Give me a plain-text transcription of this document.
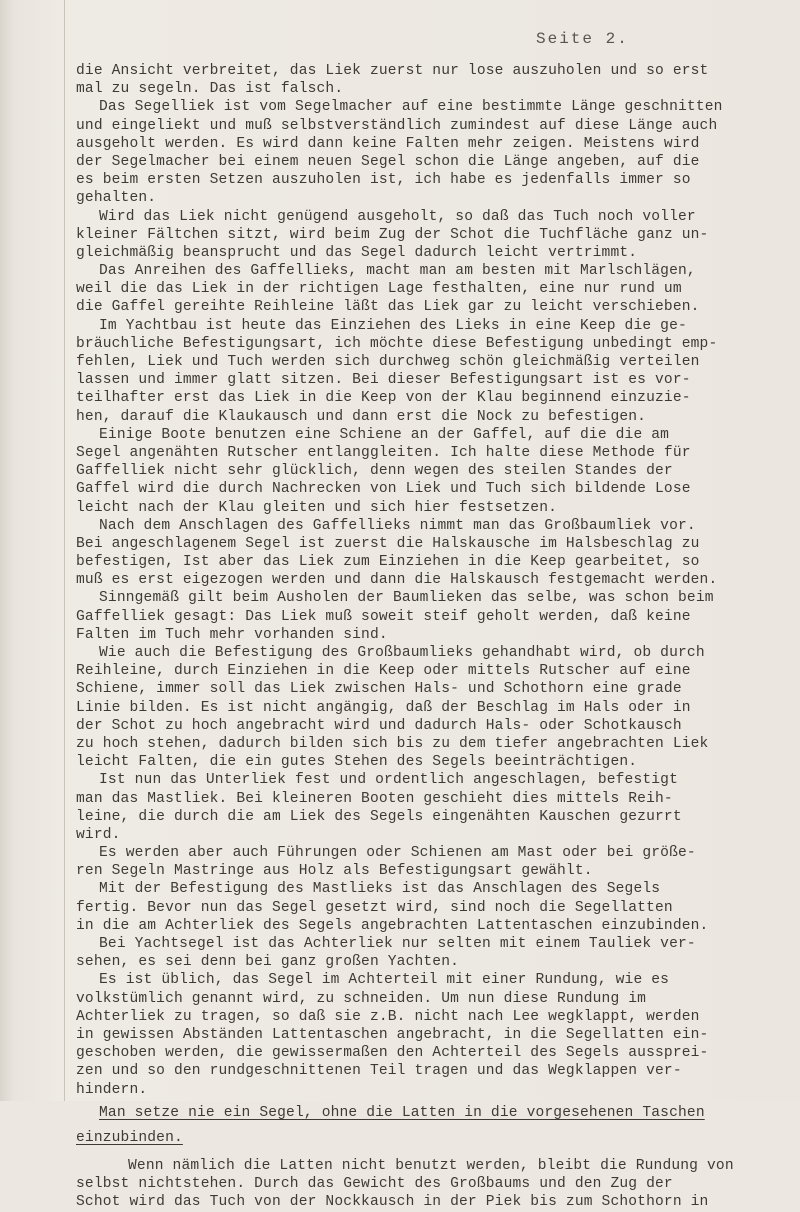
Seite 2.
die Ansicht verbreitet, das Liek zuerst nur lose auszuholen und so erst
mal zu segeln. Das ist falsch.
Das Segelliek ist vom Segelmacher auf eine bestimmte Länge geschnitten
und eingeliekt und muß selbstverständlich zumindest auf diese Länge auch
ausgeholt werden. Es wird dann keine Falten mehr zeigen. Meistens wird
der Segelmacher bei einem neuen Segel schon die Länge angeben, auf die
es beim ersten Setzen auszuholen ist, ich habe es jedenfalls immer so
gehalten.
Wird das Liek nicht genügend ausgeholt, so daß das Tuch noch voller
kleiner Fältchen sitzt, wird beim Zug der Schot die Tuchfläche ganz un-
gleichmäßig beansprucht und das Segel dadurch leicht vertrimmt.
Das Anreihen des Gaffellieks, macht man am besten mit Marlschlägen,
weil die das Liek in der richtigen Lage festhalten, eine nur rund um
die Gaffel gereihte Reihleine läßt das Liek gar zu leicht verschieben.
Im Yachtbau ist heute das Einziehen des Lieks in eine Keep die ge-
bräuchliche Befestigungsart, ich möchte diese Befestigung unbedingt emp-
fehlen, Liek und Tuch werden sich durchweg schön gleichmäßig verteilen
lassen und immer glatt sitzen. Bei dieser Befestigungsart ist es vor-
teilhafter erst das Liek in die Keep von der Klau beginnend einzuzie-
hen, darauf die Klaukausch und dann erst die Nock zu befestigen.
Einige Boote benutzen eine Schiene an der Gaffel, auf die die am
Segel angenähten Rutscher entlanggleiten. Ich halte diese Methode für
Gaffelliek nicht sehr glücklich, denn wegen des steilen Standes der
Gaffel wird die durch Nachrecken von Liek und Tuch sich bildende Lose
leicht nach der Klau gleiten und sich hier festsetzen.
Nach dem Anschlagen des Gaffellieks nimmt man das Großbaumliek vor.
Bei angeschlagenem Segel ist zuerst die Halskausche im Halsbeschlag zu
befestigen, Ist aber das Liek zum Einziehen in die Keep gearbeitet, so
muß es erst eigezogen werden und dann die Halskausch festgemacht werden.
Sinngemäß gilt beim Ausholen der Baumlieken das selbe, was schon beim
Gaffelliek gesagt: Das Liek muß soweit steif geholt werden, daß keine
Falten im Tuch mehr vorhanden sind.
Wie auch die Befestigung des Großbaumlieks gehandhabt wird, ob durch
Reihleine, durch Einziehen in die Keep oder mittels Rutscher auf eine
Schiene, immer soll das Liek zwischen Hals- und Schothorn eine grade
Linie bilden. Es ist nicht angängig, daß der Beschlag im Hals oder in
der Schot zu hoch angebracht wird und dadurch Hals- oder Schotkausch
zu hoch stehen, dadurch bilden sich bis zu dem tiefer angebrachten Liek
leicht Falten, die ein gutes Stehen des Segels beeinträchtigen.
Ist nun das Unterliek fest und ordentlich angeschlagen, befestigt
man das Mastliek. Bei kleineren Booten geschieht dies mittels Reih-
leine, die durch die am Liek des Segels eingenähten Kauschen gezurrt
wird.
Es werden aber auch Führungen oder Schienen am Mast oder bei größe-
ren Segeln Mastringe aus Holz als Befestigungsart gewählt.
Mit der Befestigung des Mastlieks ist das Anschlagen des Segels
fertig. Bevor nun das Segel gesetzt wird, sind noch die Segellatten
in die am Achterliek des Segels angebrachten Lattentaschen einzubinden.
Bei Yachtsegel ist das Achterliek nur selten mit einem Tauliek ver-
sehen, es sei denn bei ganz großen Yachten.
Es ist üblich, das Segel im Achterteil mit einer Rundung, wie es
volkstümlich genannt wird, zu schneiden. Um nun diese Rundung im
Achterliek zu tragen, so daß sie z.B. nicht nach Lee wegklappt, werden
in gewissen Abständen Lattentaschen angebracht, in die Segellatten ein-
geschoben werden, die gewissermaßen den Achterteil des Segels aussprei-
zen und so den rundgeschnittenen Teil tragen und das Wegklappen ver-
hindern.
Man setze nie ein Segel, ohne die Latten in die vorgesehenen Taschen
einzubinden.
Wenn nämlich die Latten nicht benutzt werden, bleibt die Rundung von
selbst nichtstehen. Durch das Gewicht des Großbaums und den Zug der
Schot wird das Tuch von der Nockkausch in der Piek bis zum Schothorn in
